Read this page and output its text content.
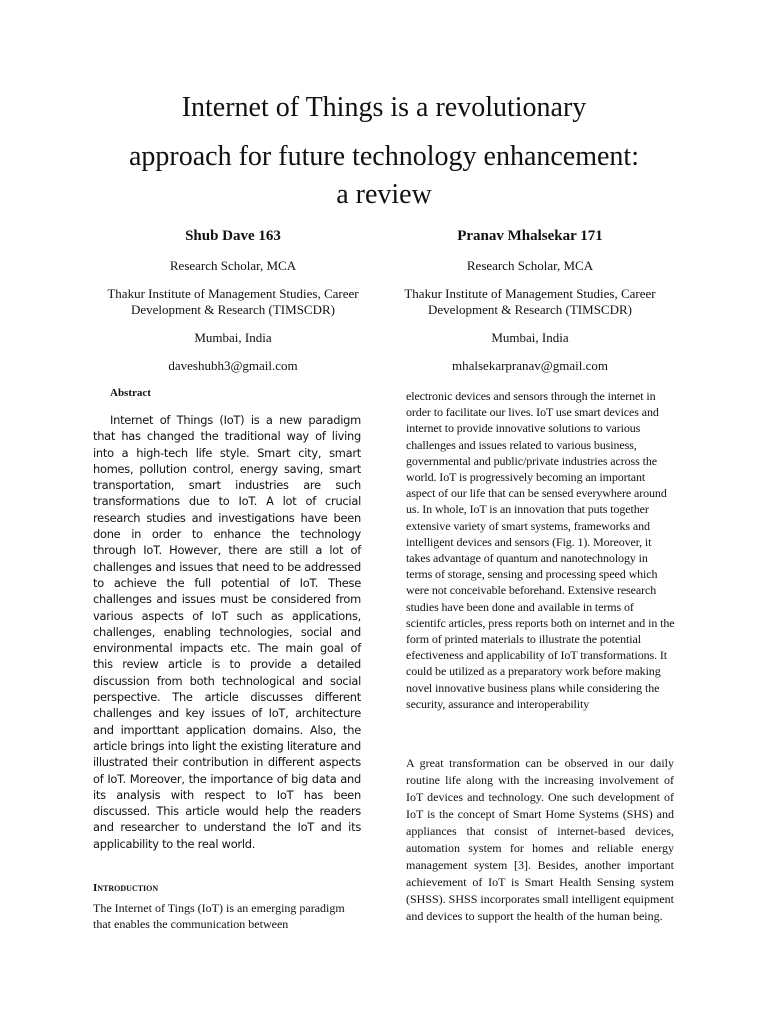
Internet of Things is a revolutionary
approach for future technology enhancement:
a review
Shub Dave 163
Research Scholar, MCA
Thakur Institute of Management Studies, Career Development & Research (TIMSCDR)
Mumbai, India
daveshubh3@gmail.com
Pranav Mhalsekar 171
Research Scholar, MCA
Thakur Institute of Management Studies, Career Development & Research (TIMSCDR)
Mumbai, India
mhalsekarpranav@gmail.com
Abstract

Internet of Things (IoT) is a new paradigm that has changed the traditional way of living into a high-tech life style. Smart city, smart homes, pollution control, energy saving, smart transportation, smart industries are such transformations due to IoT. A lot of crucial research studies and investigations have been done in order to enhance the technology through IoT. However, there are still a lot of challenges and issues that need to be addressed to achieve the full potential of IoT. These challenges and issues must be considered from various aspects of IoT such as applications, challenges, enabling technologies, social and environmental impacts etc. The main goal of this review article is to provide a detailed discussion from both technological and social perspective. The article discusses different challenges and key issues of IoT, architecture and importtant application domains. Also, the article brings into light the existing literature and illustrated their contribution in different aspects of IoT. Moreover, the importance of big data and its analysis with respect to IoT has been discussed. This article would help the readers and researcher to understand the IoT and its applicability to the real world.

Introduction

The Internet of Tings (IoT) is an emerging paradigm that enables the communication between

electronic devices and sensors through the internet in order to facilitate our lives. IoT use smart devices and internet to provide innovative solutions to various challenges and issues related to various business, governmental and public/private industries across the world. IoT is progressively becoming an important aspect of our life that can be sensed everywhere around us. In whole, IoT is an innovation that puts together extensive variety of smart systems, frameworks and intelligent devices and sensors (Fig. 1). Moreover, it takes advantage of quantum and nanotechnology in terms of storage, sensing and processing speed which were not conceivable beforehand. Extensive research studies have been done and available in terms of scientifc articles, press reports both on internet and in the form of printed materials to illustrate the potential efectiveness and applicability of IoT transformations. It could be utilized as a preparatory work before making novel innovative business plans while considering the security, assurance and interoperability

A great transformation can be observed in our daily routine life along with the increasing involvement of IoT devices and technology. One such development of IoT is the concept of Smart Home Systems (SHS) and appliances that consist of internet-based devices, automation system for homes and reliable energy management system [3]. Besides, another important achievement of IoT is Smart Health Sensing system (SHSS). SHSS incorporates small intelligent equipment and devices to support the health of the human being.
